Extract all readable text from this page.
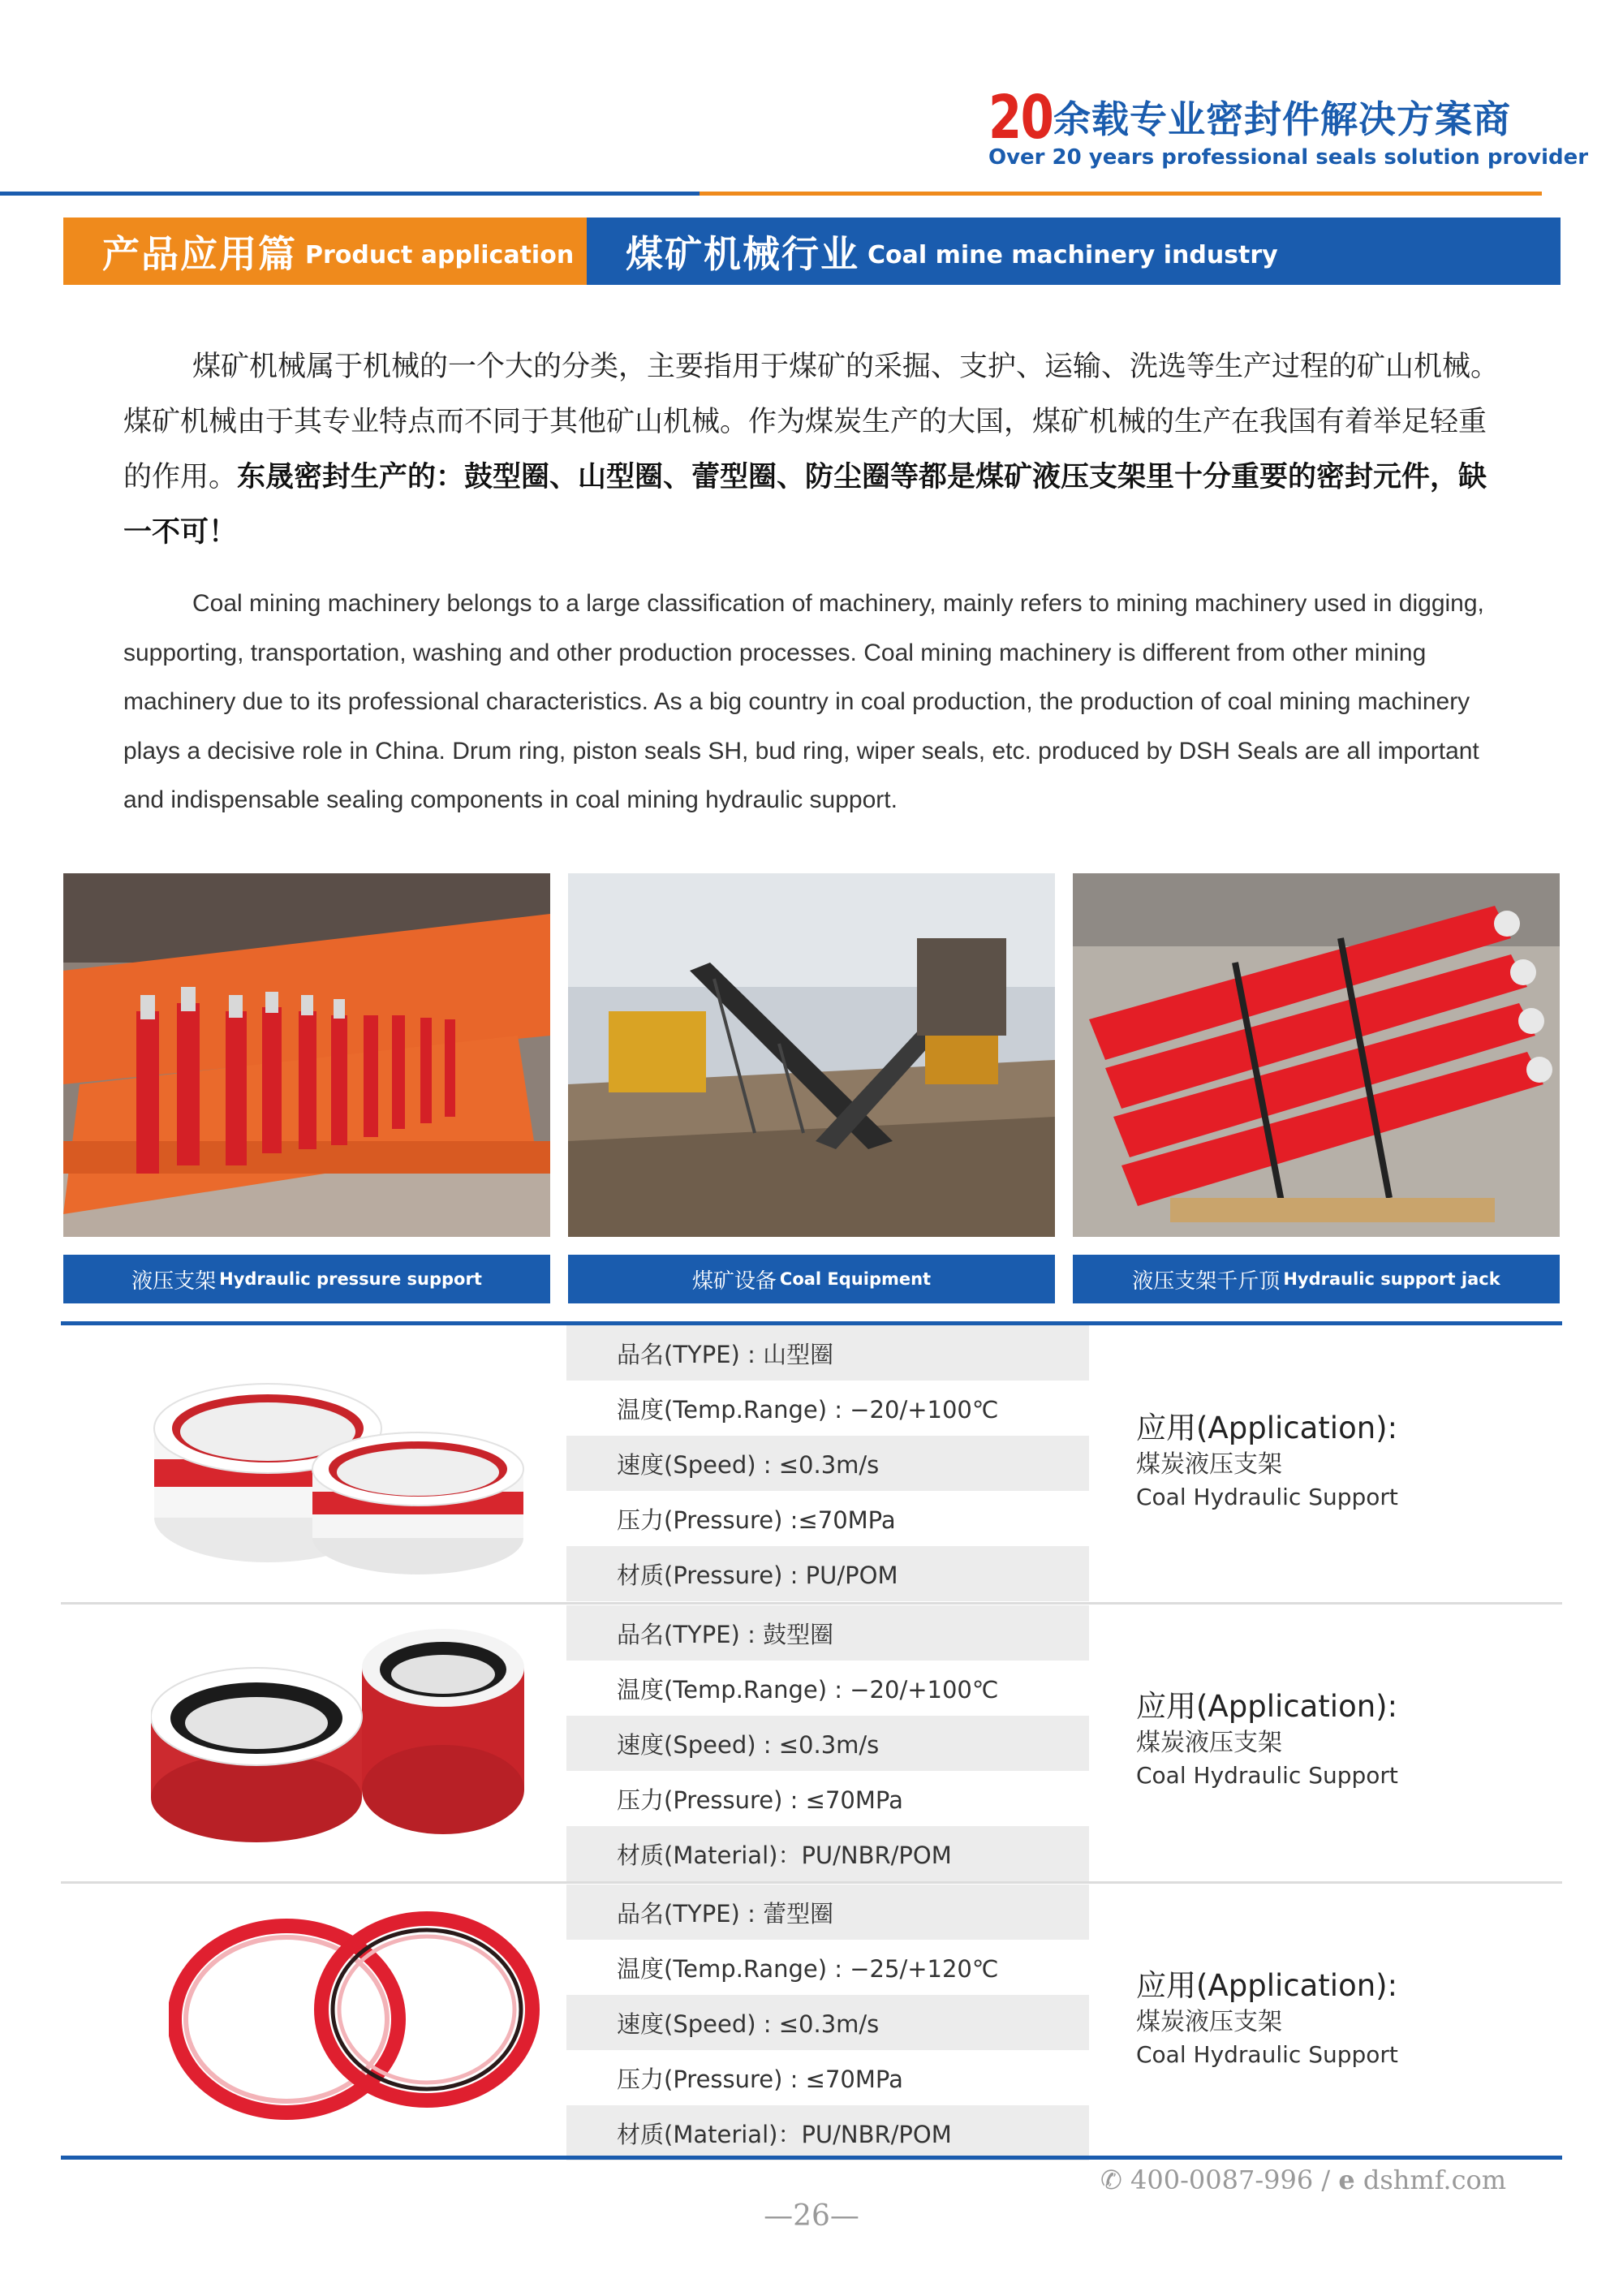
20 余载专业密封件解决方案商
Over 20 years professional seals solution provider
产品应用篇 Product application 煤矿机械行业 Coal mine machinery industry
煤矿机械属于机械的一个大的分类，主要指用于煤矿的采掘、支护、运输、洗选等生产过程的矿山机械。煤矿机械由于其专业特点而不同于其他矿山机械。作为煤炭生产的大国，煤矿机械的生产在我国有着举足轻重的作用。东晟密封生产的：鼓型圈、山型圈、蕾型圈、防尘圈等都是煤矿液压支架里十分重要的密封元件，缺一不可！
Coal mining machinery belongs to a large classification of machinery, mainly refers to mining machinery used in digging, supporting, transportation, washing and other production processes. Coal mining machinery is different from other mining machinery due to its professional characteristics. As a big country in coal production, the production of coal mining machinery plays a decisive role in China. Drum ring, piston seals SH, bud ring, wiper seals, etc. produced by DSH Seals are all important and indispensable sealing components in coal mining hydraulic support.
液压支架 Hydraulic pressure support	煤矿设备 Coal Equipment	液压支架千斤顶 Hydraulic support jack
品名(TYPE) : 山型圈
温度(Temp.Range) : −20/+100℃
速度(Speed) : ≤0.3m/s
压力(Pressure) :≤70MPa
材质(Pressure) : PU/POM
应用(Application):
煤炭液压支架
Coal Hydraulic Support
品名(TYPE) : 鼓型圈
温度(Temp.Range) : −20/+100℃
速度(Speed) : ≤0.3m/s
压力(Pressure) : ≤70MPa
材质(Material)：PU/NBR/POM
应用(Application):
煤炭液压支架
Coal Hydraulic Support
品名(TYPE) : 蕾型圈
温度(Temp.Range) : −25/+120℃
速度(Speed) : ≤0.3m/s
压力(Pressure) : ≤70MPa
材质(Material)：PU/NBR/POM
应用(Application):
煤炭液压支架
Coal Hydraulic Support
✆ 400-0087-996 / e dshmf.com
—26—
